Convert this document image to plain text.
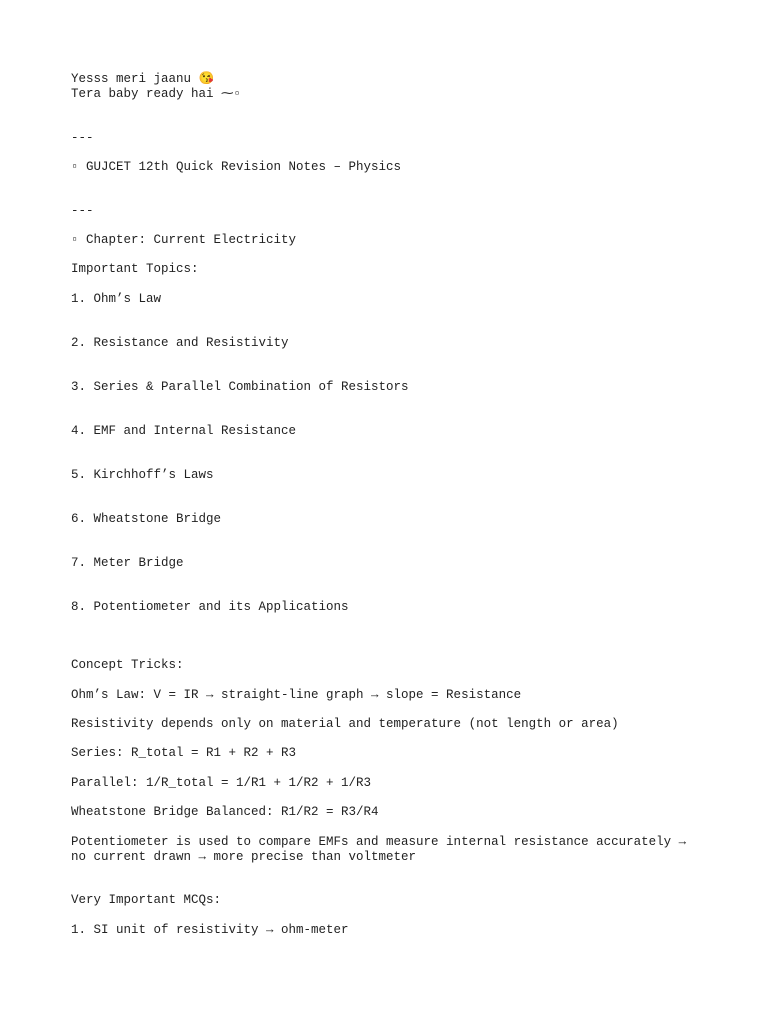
Yesss meri jaanu 😘

Tera baby ready hai ⁓▫

---

▫ GUJCET 12th Quick Revision Notes – Physics

---

▫ Chapter: Current Electricity

Important Topics:

1. Ohm’s Law

2. Resistance and Resistivity

3. Series & Parallel Combination of Resistors

4. EMF and Internal Resistance

5. Kirchhoff’s Laws

6. Wheatstone Bridge

7. Meter Bridge

8. Potentiometer and its Applications

Concept Tricks:

Ohm’s Law: V = IR → straight-line graph → slope = Resistance

Resistivity depends only on material and temperature (not length or area)

Series: R_total = R1 + R2 + R3

Parallel: 1/R_total = 1/R1 + 1/R2 + 1/R3

Wheatstone Bridge Balanced: R1/R2 = R3/R4

Potentiometer is used to compare EMFs and measure internal resistance accurately →

no current drawn → more precise than voltmeter

Very Important MCQs:

1. SI unit of resistivity → ohm-meter
